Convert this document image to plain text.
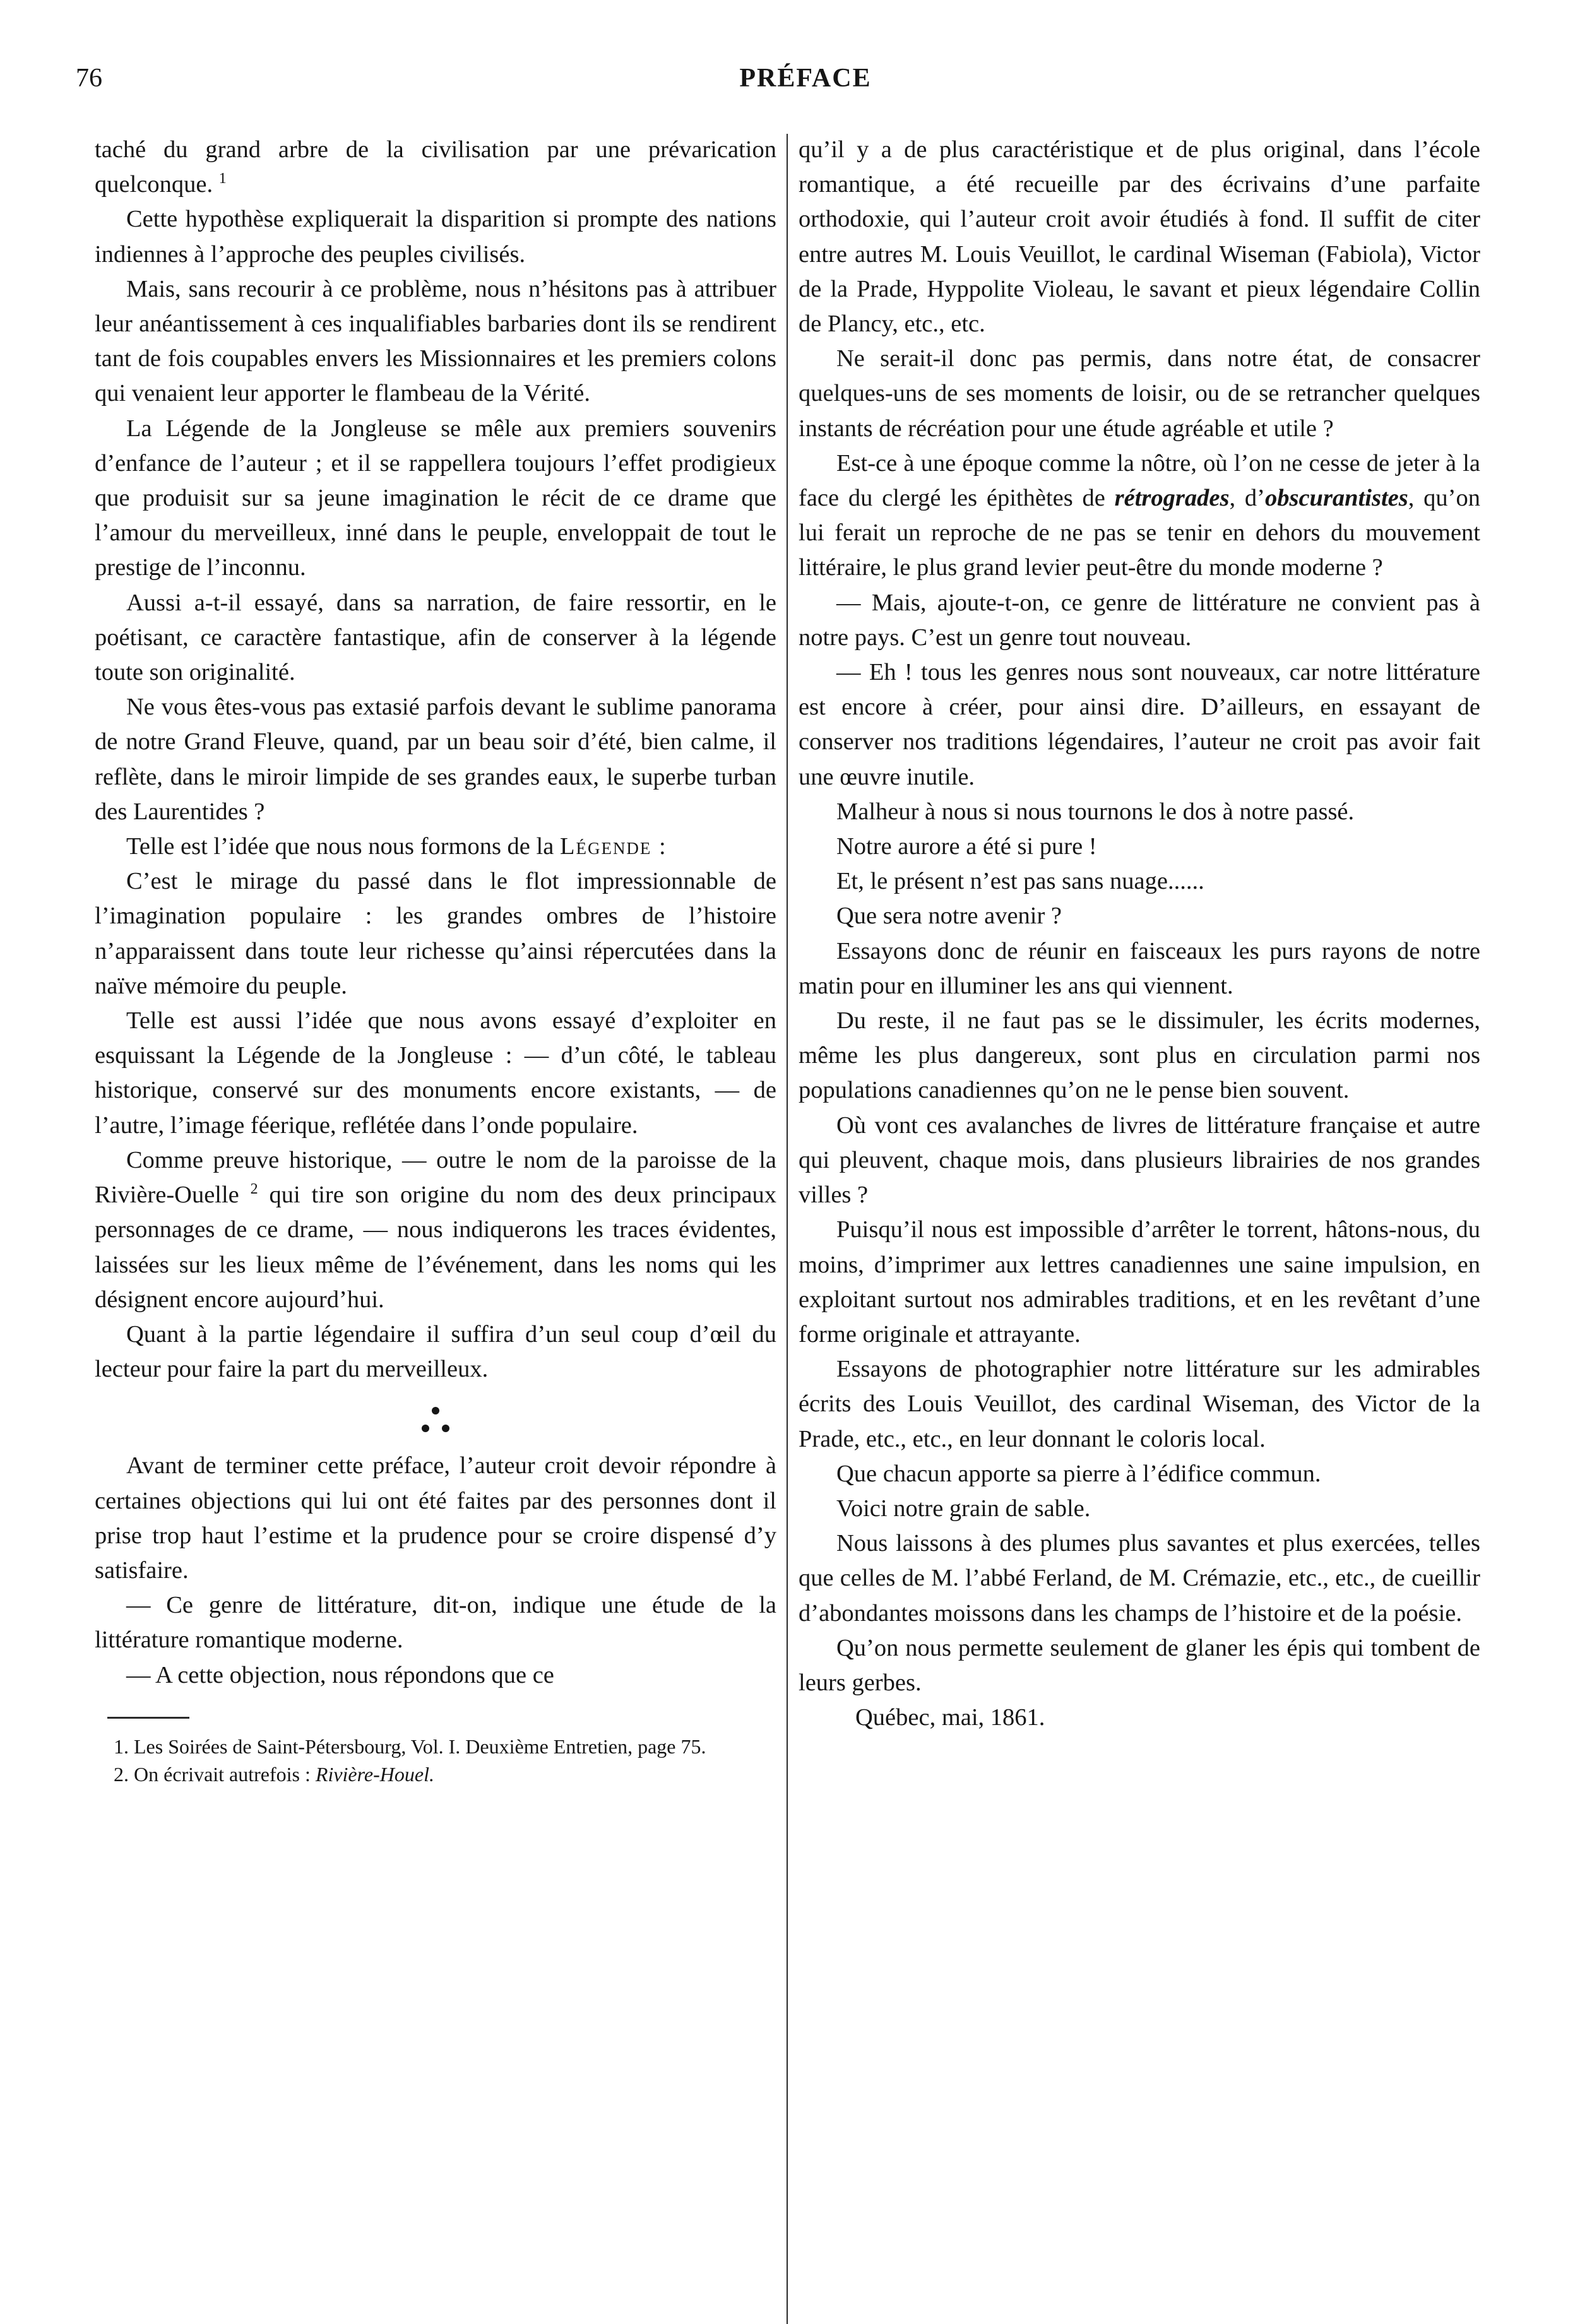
76	PRÉFACE

taché du grand arbre de la civilisation par une prévarication quelconque. $^1$

Cette hypothèse expliquerait la disparition si prompte des nations indiennes à l’approche des peuples civilisés.

Mais, sans recourir à ce problème, nous n’hésitons pas à attribuer leur anéantissement à ces inqualifiables barbaries dont ils se rendirent tant de fois coupables envers les Missionnaires et les premiers colons qui venaient leur apporter le flambeau de la Vérité.

La Légende de la Jongleuse se mêle aux premiers souvenirs d’enfance de l’auteur ; et il se rappellera toujours l’effet prodigieux que produisit sur sa jeune imagination le récit de ce drame que l’amour du merveilleux, inné dans le peuple, enveloppait de tout le prestige de l’inconnu.

Aussi a-t-il essayé, dans sa narration, de faire ressortir, en le poétisant, ce caractère fantastique, afin de conserver à la légende toute son originalité.

Ne vous êtes-vous pas extasié parfois devant le sublime panorama de notre Grand Fleuve, quand, par un beau soir d’été, bien calme, il reflète, dans le miroir limpide de ses grandes eaux, le superbe turban des Laurentides ?

Telle est l’idée que nous nous formons de la Légende :

C’est le mirage du passé dans le flot impressionnable de l’imagination populaire : les grandes ombres de l’histoire n’apparaissent dans toute leur richesse qu’ainsi répercutées dans la naïve mémoire du peuple.

Telle est aussi l’idée que nous avons essayé d’exploiter en esquissant la Légende de la Jongleuse : — d’un côté, le tableau historique, conservé sur des monuments encore existants, — de l’autre, l’image féerique, reflétée dans l’onde populaire.

Comme preuve historique, — outre le nom de la paroisse de la Rivière-Ouelle $^2$ qui tire son origine du nom des deux principaux personnages de ce drame, — nous indiquerons les traces évidentes, laissées sur les lieux même de l’événement, dans les noms qui les désignent encore aujourd’hui.

Quant à la partie légendaire il suffira d’un seul coup d’œil du lecteur pour faire la part du merveilleux.

Avant de terminer cette préface, l’auteur croit devoir répondre à certaines objections qui lui ont été faites par des personnes dont il prise trop haut l’estime et la prudence pour se croire dispensé d’y satisfaire.

— Ce genre de littérature, dit-on, indique une étude de la littérature romantique moderne.

— A cette objection, nous répondons que ce

1. Les Soirées de Saint-Pétersbourg, Vol. I. Deuxième Entretien, page 75.

2. On écrivait autrefois : Rivière-Houel.

qu’il y a de plus caractéristique et de plus original, dans l’école romantique, a été recueille par des écrivains d’une parfaite orthodoxie, qui l’auteur croit avoir étudiés à fond. Il suffit de citer entre autres M. Louis Veuillot, le cardinal Wiseman (Fabiola), Victor de la Prade, Hyppolite Violeau, le savant et pieux légendaire Collin de Plancy, etc., etc.

Ne serait-il donc pas permis, dans notre état, de consacrer quelques-uns de ses moments de loisir, ou de se retrancher quelques instants de récréation pour une étude agréable et utile ?

Est-ce à une époque comme la nôtre, où l’on ne cesse de jeter à la face du clergé les épithètes de rétrogrades, d’obscurantistes, qu’on lui ferait un reproche de ne pas se tenir en dehors du mouvement littéraire, le plus grand levier peut-être du monde moderne ?

— Mais, ajoute-t-on, ce genre de littérature ne convient pas à notre pays. C’est un genre tout nouveau.

— Eh ! tous les genres nous sont nouveaux, car notre littérature est encore à créer, pour ainsi dire. D’ailleurs, en essayant de conserver nos traditions légendaires, l’auteur ne croit pas avoir fait une œuvre inutile.

Malheur à nous si nous tournons le dos à notre passé.

Notre aurore a été si pure !

Et, le présent n’est pas sans nuage......

Que sera notre avenir ?

Essayons donc de réunir en faisceaux les purs rayons de notre matin pour en illuminer les ans qui viennent.

Du reste, il ne faut pas se le dissimuler, les écrits modernes, même les plus dangereux, sont plus en circulation parmi nos populations canadiennes qu’on ne le pense bien souvent.

Où vont ces avalanches de livres de littérature française et autre qui pleuvent, chaque mois, dans plusieurs librairies de nos grandes villes ?

Puisqu’il nous est impossible d’arrêter le torrent, hâtons-nous, du moins, d’imprimer aux lettres canadiennes une saine impulsion, en exploitant surtout nos admirables traditions, et en les revêtant d’une forme originale et attrayante.

Essayons de photographier notre littérature sur les admirables écrits des Louis Veuillot, des cardinal Wiseman, des Victor de la Prade, etc., etc., en leur donnant le coloris local.

Que chacun apporte sa pierre à l’édifice commun.

Voici notre grain de sable.

Nous laissons à des plumes plus savantes et plus exercées, telles que celles de M. l’abbé Ferland, de M. Crémazie, etc., etc., de cueillir d’abondantes moissons dans les champs de l’histoire et de la poésie.

Qu’on nous permette seulement de glaner les épis qui tombent de leurs gerbes.

Québec, mai, 1861.
